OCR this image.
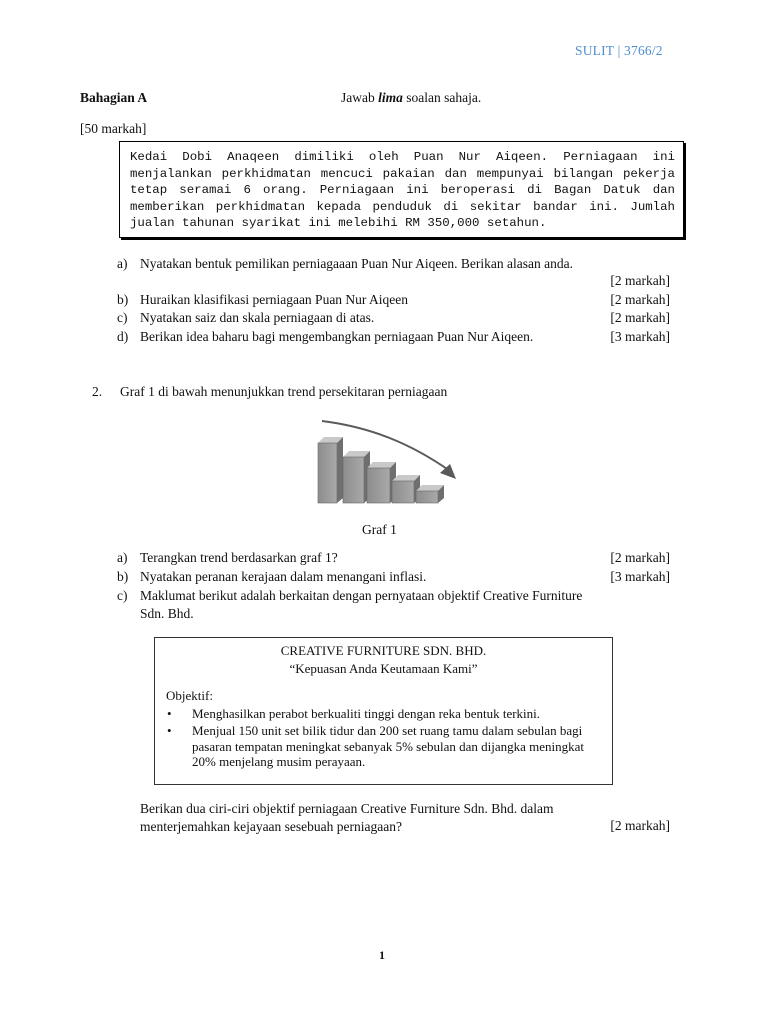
SULIT | 3766/2
Bahagian A	Jawab lima soalan sahaja.
[50 markah]
Kedai Dobi Anaqeen dimiliki oleh Puan Nur Aiqeen. Perniagaan ini menjalankan perkhidmatan mencuci pakaian dan mempunyai bilangan pekerja tetap seramai 6 orang. Perniagaan ini beroperasi di Bagan Datuk dan memberikan perkhidmatan kepada penduduk di sekitar bandar ini. Jumlah jualan tahunan syarikat ini melebihi RM 350,000 setahun.
a) Nyatakan bentuk pemilikan perniagaaan Puan Nur Aiqeen. Berikan alasan anda.
[2 markah]
b) Huraikan klasifikasi perniagaan Puan Nur Aiqeen	[2 markah]
c) Nyatakan saiz dan skala perniagaan di atas.	[2 markah]
d) Berikan idea baharu bagi mengembangkan perniagaan Puan Nur Aiqeen.	[3 markah]
2. Graf 1 di bawah menunjukkan trend persekitaran perniagaan
Graf 1
a) Terangkan trend berdasarkan graf 1?	[2 markah]
b) Nyatakan peranan kerajaan dalam menangani inflasi.	[3 markah]
c) Maklumat berikut adalah berkaitan dengan pernyataan objektif Creative Furniture
Sdn. Bhd.
CREATIVE FURNITURE SDN. BHD.
“Kepuasan Anda Keutamaan Kami”
Objektif:
• Menghasilkan perabot berkualiti tinggi dengan reka bentuk terkini.
• Menjual 150 unit set bilik tidur dan 200 set ruang tamu dalam sebulan bagi pasaran tempatan meningkat sebanyak 5% sebulan dan dijangka meningkat 20% menjelang musim perayaan.
Berikan dua ciri-ciri objektif perniagaan Creative Furniture Sdn. Bhd. dalam
menterjemahkan kejayaan sesebuah perniagaan?	[2 markah]
1
